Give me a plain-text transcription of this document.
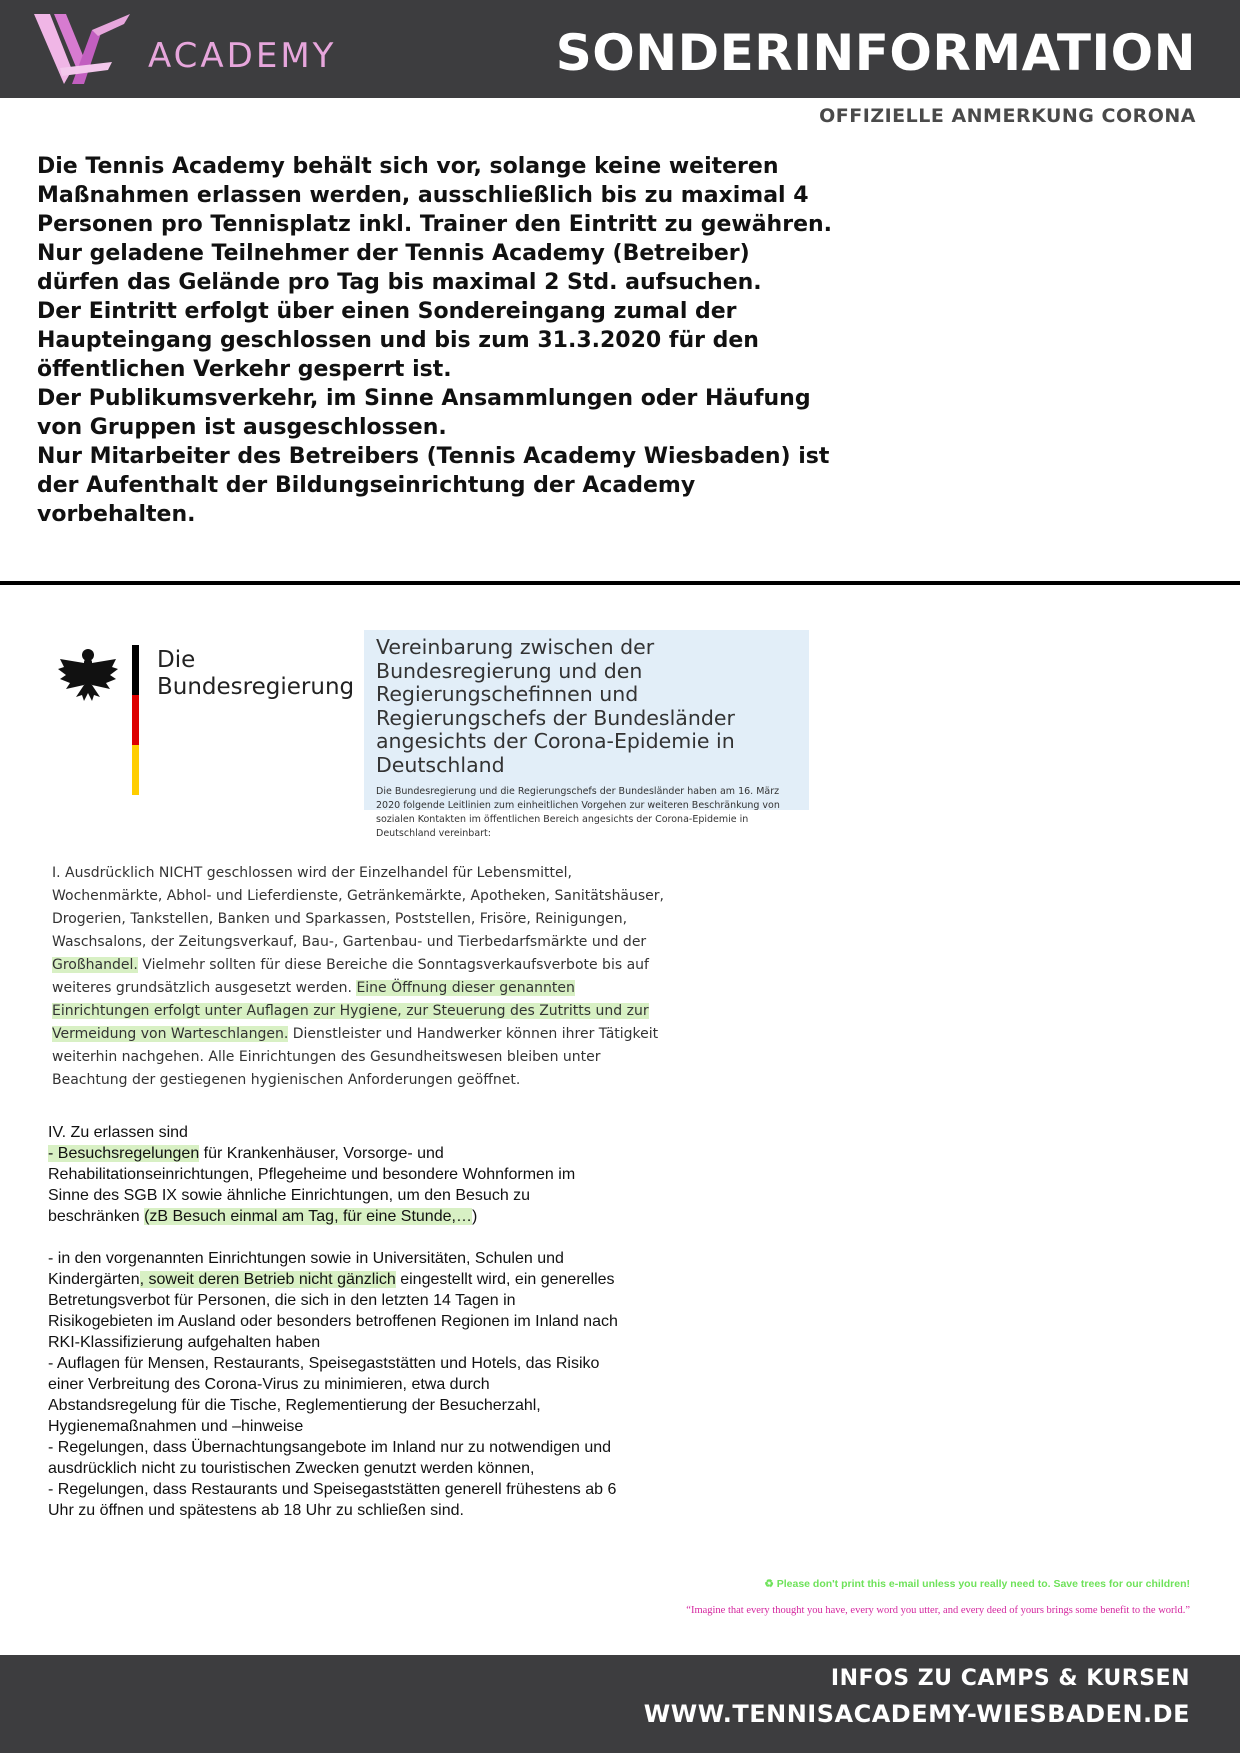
ACADEMY	SONDERINFORMATION
OFFIZIELLE ANMERKUNG CORONA

Die Tennis Academy behält sich vor, solange keine weiteren Maßnahmen erlassen werden, ausschließlich bis zu maximal 4 Personen pro Tennisplatz inkl. Trainer den Eintritt zu gewähren.

Nur geladene Teilnehmer der Tennis Academy (Betreiber) dürfen das Gelände pro Tag bis maximal 2 Std. aufsuchen.

Der Eintritt erfolgt über einen Sondereingang zumal der Haupteingang geschlossen und bis zum 31.3.2020 für den öffentlichen Verkehr gesperrt ist.

Der Publikumsverkehr, im Sinne Ansammlungen oder Häufung von Gruppen ist ausgeschlossen.

Nur Mitarbeiter des Betreibers (Tennis Academy Wiesbaden) ist der Aufenthalt der Bildungseinrichtung der Academy vorbehalten.

Die
Bundesregierung
Vereinbarung zwischen der Bundesregierung und den Regierungschefinnen und Regierungschefs der Bundesländer angesichts der Corona-Epidemie in Deutschland
Die Bundesregierung und die Regierungschefs der Bundesländer haben am 16. März 2020 folgende Leitlinien zum einheitlichen Vorgehen zur weiteren Beschränkung von sozialen Kontakten im öffentlichen Bereich angesichts der Corona-Epidemie in Deutschland vereinbart:
I. Ausdrücklich NICHT geschlossen wird der Einzelhandel für Lebensmittel, Wochenmärkte, Abhol- und Lieferdienste, Getränkemärkte, Apotheken, Sanitätshäuser, Drogerien, Tankstellen, Banken und Sparkassen, Poststellen, Frisöre, Reinigungen, Waschsalons, der Zeitungsverkauf, Bau-, Gartenbau- und Tierbedarfsmärkte und der Großhandel. Vielmehr sollten für diese Bereiche die Sonntagsverkaufsverbote bis auf weiteres grundsätzlich ausgesetzt werden. Eine Öffnung dieser genannten Einrichtungen erfolgt unter Auflagen zur Hygiene, zur Steuerung des Zutritts und zur Vermeidung von Warteschlangen. Dienstleister und Handwerker können ihrer Tätigkeit weiterhin nachgehen. Alle Einrichtungen des Gesundheitswesen bleiben unter Beachtung der gestiegenen hygienischen Anforderungen geöffnet.

IV. Zu erlassen sind

- Besuchsregelungen für Krankenhäuser, Vorsorge- und Rehabilitationseinrichtungen, Pflegeheime und besondere Wohnformen im Sinne des SGB IX sowie ähnliche Einrichtungen, um den Besuch zu beschränken (zB Besuch einmal am Tag, für eine Stunde,…)

- in den vorgenannten Einrichtungen sowie in Universitäten, Schulen und Kindergärten, soweit deren Betrieb nicht gänzlich eingestellt wird, ein generelles Betretungsverbot für Personen, die sich in den letzten 14 Tagen in Risikogebieten im Ausland oder besonders betroffenen Regionen im Inland nach RKI-Klassifizierung aufgehalten haben

- Auflagen für Mensen, Restaurants, Speisegaststätten und Hotels, das Risiko einer Verbreitung des Corona-Virus zu minimieren, etwa durch Abstandsregelung für die Tische, Reglementierung der Besucherzahl, Hygienemaßnahmen und –hinweise

- Regelungen, dass Übernachtungsangebote im Inland nur zu notwendigen und ausdrücklich nicht zu touristischen Zwecken genutzt werden können,

- Regelungen, dass Restaurants und Speisegaststätten generell frühestens ab 6 Uhr zu öffnen und spätestens ab 18 Uhr zu schließen sind.

♻ Please don't print this e-mail unless you really need to. Save trees for our children!
“Imagine that every thought you have, every word you utter, and every deed of yours brings some benefit to the world.”
INFOS ZU CAMPS & KURSEN
WWW.TENNISACADEMY-WIESBADEN.DE
